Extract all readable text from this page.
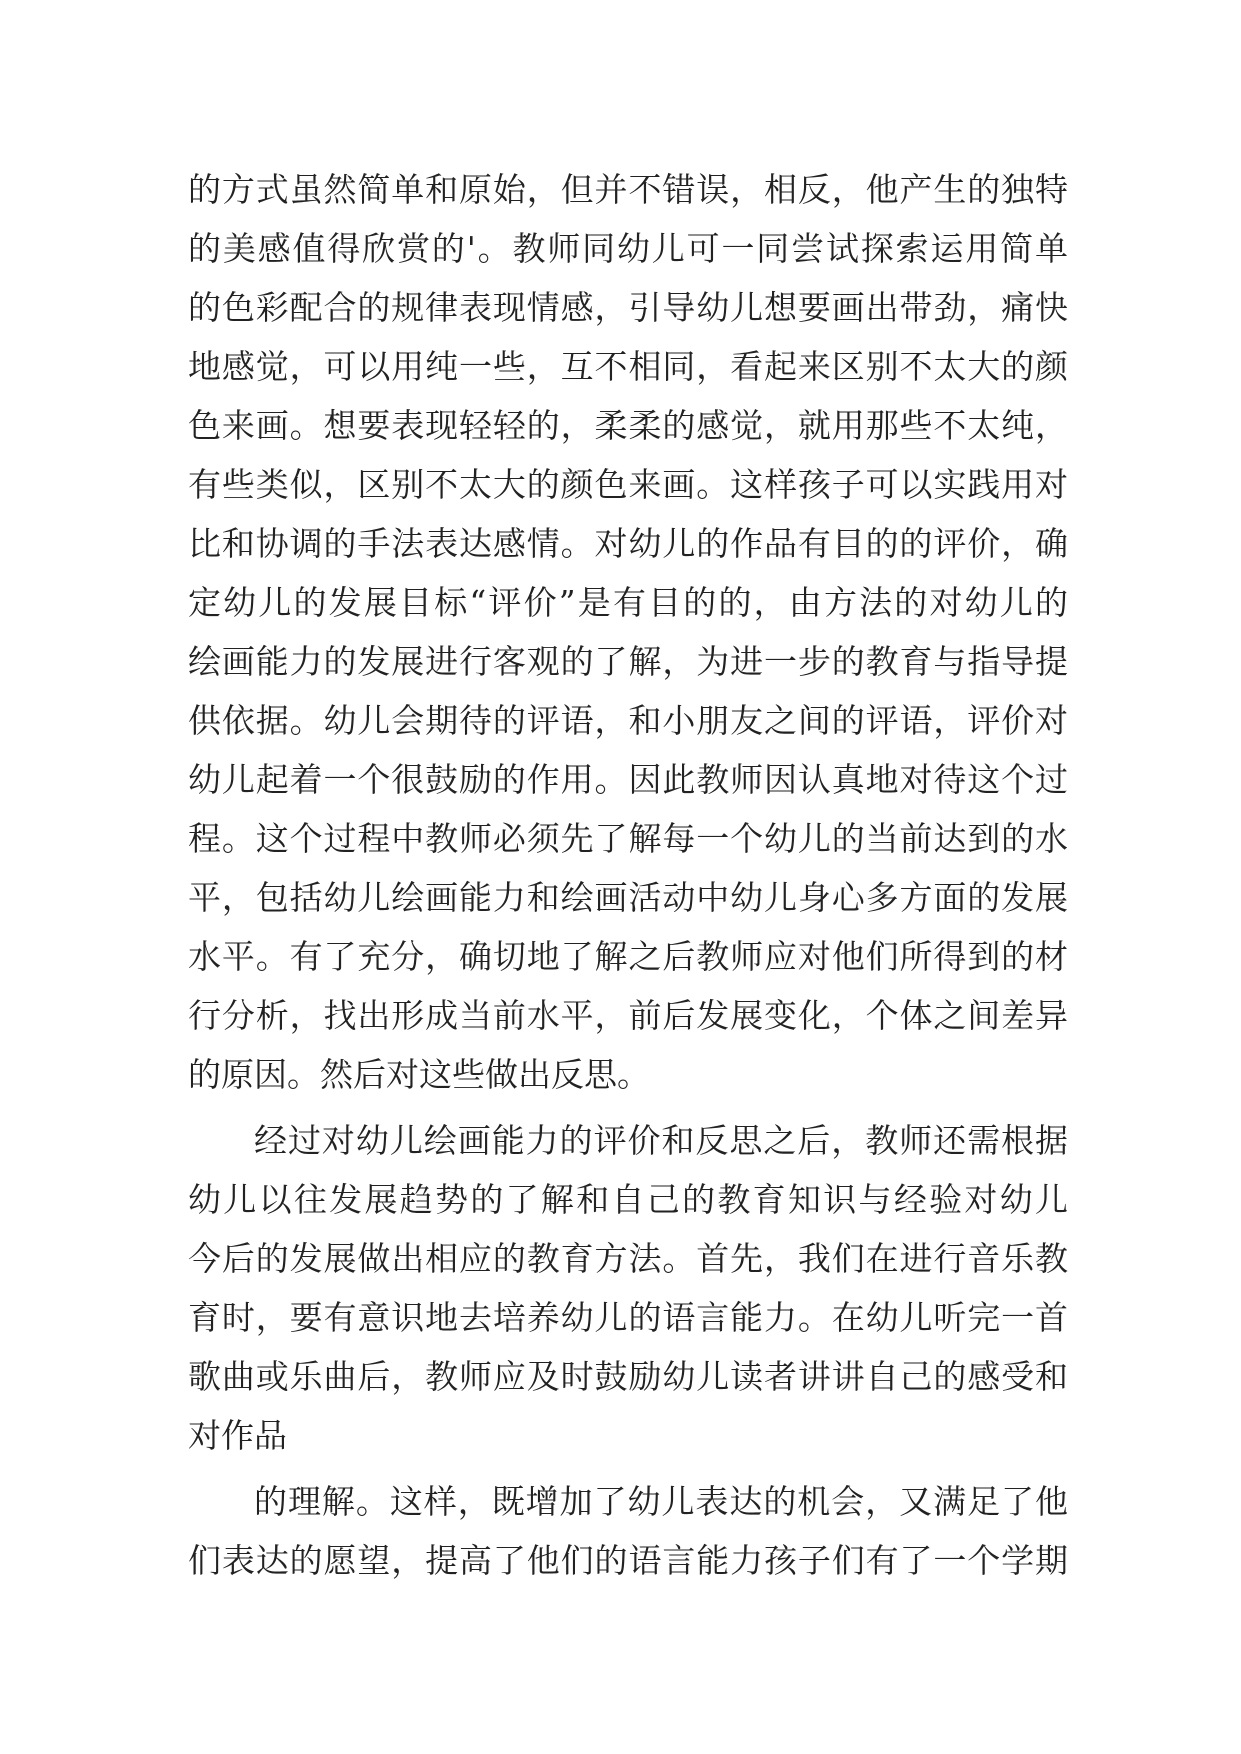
的方式虽然简单和原始，但并不错误，相反，他产生的独特
的美感值得欣赏的'。教师同幼儿可一同尝试探索运用简单
的色彩配合的规律表现情感，引导幼儿想要画出带劲，痛快
地感觉，可以用纯一些，互不相同，看起来区别不太大的颜
色来画。想要表现轻轻的，柔柔的感觉，就用那些不太纯，
有些类似，区别不太大的颜色来画。这样孩子可以实践用对
比和协调的手法表达感情。对幼儿的作品有目的的评价，确
定幼儿的发展目标“评价”是有目的的，由方法的对幼儿的
绘画能力的发展进行客观的了解，为进一步的教育与指导提
供依据。幼儿会期待的评语，和小朋友之间的评语，评价对
幼儿起着一个很鼓励的作用。因此教师因认真地对待这个过
程。这个过程中教师必须先了解每一个幼儿的当前达到的水
平，包括幼儿绘画能力和绘画活动中幼儿身心多方面的发展
水平。有了充分，确切地了解之后教师应对他们所得到的材
行分析，找出形成当前水平，前后发展变化，个体之间差异
的原因。然后对这些做出反思。
经过对幼儿绘画能力的评价和反思之后，教师还需根据
幼儿以往发展趋势的了解和自己的教育知识与经验对幼儿
今后的发展做出相应的教育方法。首先，我们在进行音乐教
育时，要有意识地去培养幼儿的语言能力。在幼儿听完一首
歌曲或乐曲后，教师应及时鼓励幼儿读者讲讲自己的感受和
对作品
的理解。这样，既增加了幼儿表达的机会，又满足了他
们表达的愿望，提高了他们的语言能力孩子们有了一个学期
